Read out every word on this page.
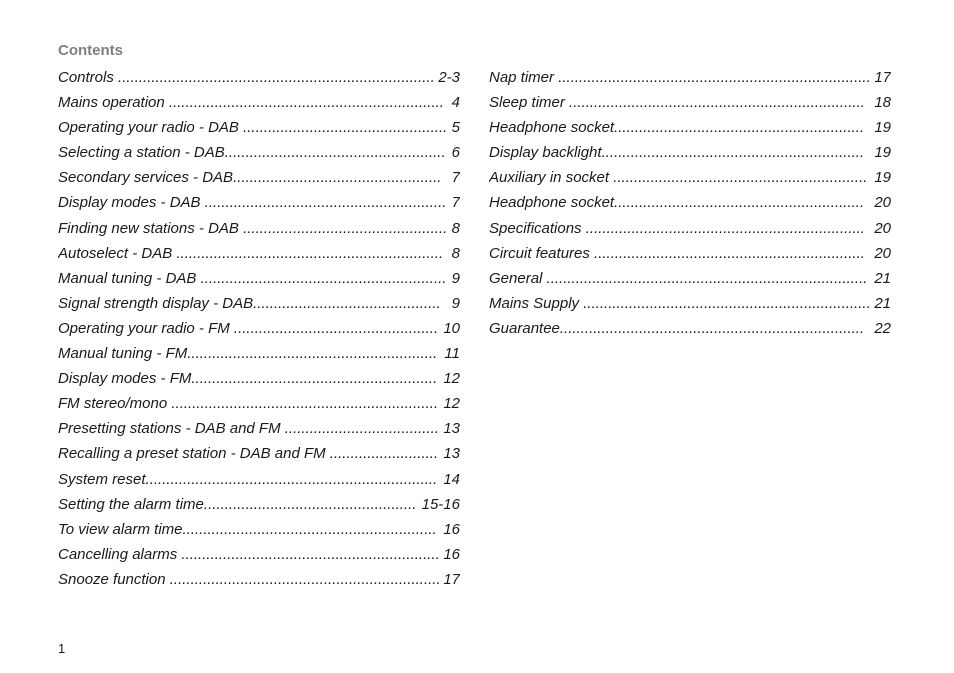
Contents
Controls ............................................................................ 2-3
Mains operation .................................................................. 4
Operating your radio - DAB ................................................. 5
Selecting a station - DAB..................................................... 6
Secondary services - DAB.................................................. 7
Display modes - DAB .......................................................... 7
Finding new stations - DAB ................................................. 8
Autoselect - DAB ................................................................ 8
Manual tuning - DAB ........................................................... 9
Signal strength display - DAB............................................. 9
Operating your radio - FM ................................................. 10
Manual tuning - FM............................................................ 11
Display modes - FM........................................................... 12
FM stereo/mono ................................................................ 12
Presetting stations - DAB and FM ..................................... 13
Recalling a preset station - DAB and FM .......................... 13
System reset...................................................................... 14
Setting the alarm time................................................... 15-16
To view alarm time............................................................. 16
Cancelling alarms .............................................................. 16
Snooze function ................................................................. 17
Nap timer ........................................................................... 17
Sleep timer ....................................................................... 18
Headphone socket............................................................ 19
Display backlight............................................................... 19
Auxiliary in socket ............................................................. 19
Headphone socket............................................................ 20
Specifications ................................................................... 20
Circuit features ................................................................. 20
General ............................................................................. 21
Mains Supply ..................................................................... 21
Guarantee......................................................................... 22
1
